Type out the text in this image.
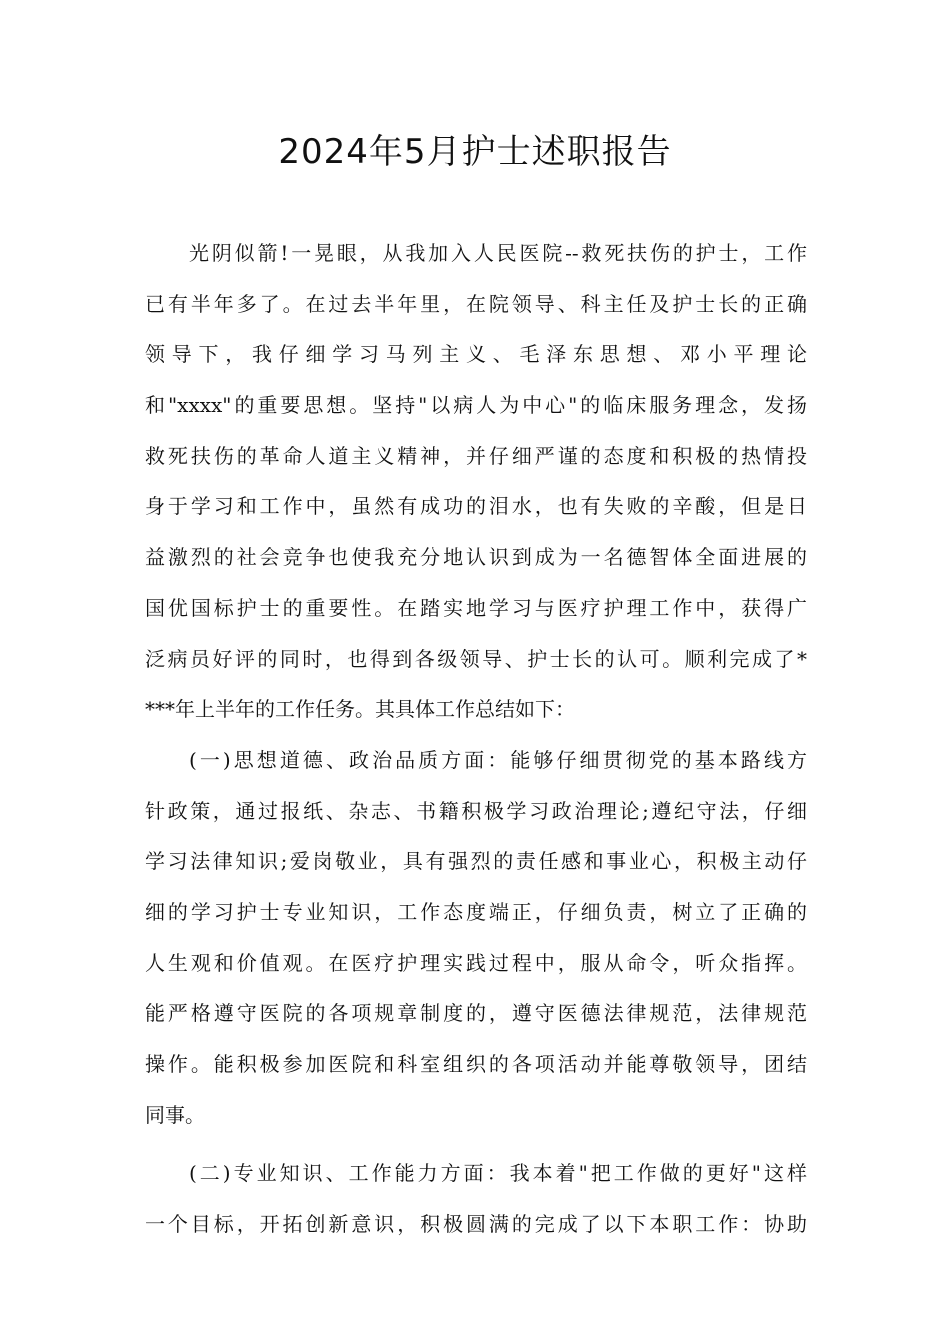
2024年5月护士述职报告
光阴似箭!一晃眼，从我加入人民医院--救死扶伤的护士，工作
已有半年多了。在过去半年里，在院领导、科主任及护士长的正确
领导下，我仔细学习马列主义、毛泽东思想、邓小平理论
和"xxxx"的重要思想。坚持"以病人为中心"的临床服务理念，发扬
救死扶伤的革命人道主义精神，并仔细严谨的态度和积极的热情投
身于学习和工作中，虽然有成功的泪水，也有失败的辛酸，但是日
益激烈的社会竞争也使我充分地认识到成为一名德智体全面进展的
国优国标护士的重要性。在踏实地学习与医疗护理工作中，获得广
泛病员好评的同时，也得到各级领导、护士长的认可。顺利完成了*
***年上半年的工作任务。其具体工作总结如下：
(一)思想道德、政治品质方面：能够仔细贯彻党的基本路线方
针政策，通过报纸、杂志、书籍积极学习政治理论;遵纪守法，仔细
学习法律知识;爱岗敬业，具有强烈的责任感和事业心，积极主动仔
细的学习护士专业知识，工作态度端正，仔细负责，树立了正确的
人生观和价值观。在医疗护理实践过程中，服从命令，听众指挥。
能严格遵守医院的各项规章制度的，遵守医德法律规范，法律规范
操作。能积极参加医院和科室组织的各项活动并能尊敬领导，团结
同事。
(二)专业知识、工作能力方面：我本着"把工作做的更好"这样
一个目标，开拓创新意识，积极圆满的完成了以下本职工作：协助
